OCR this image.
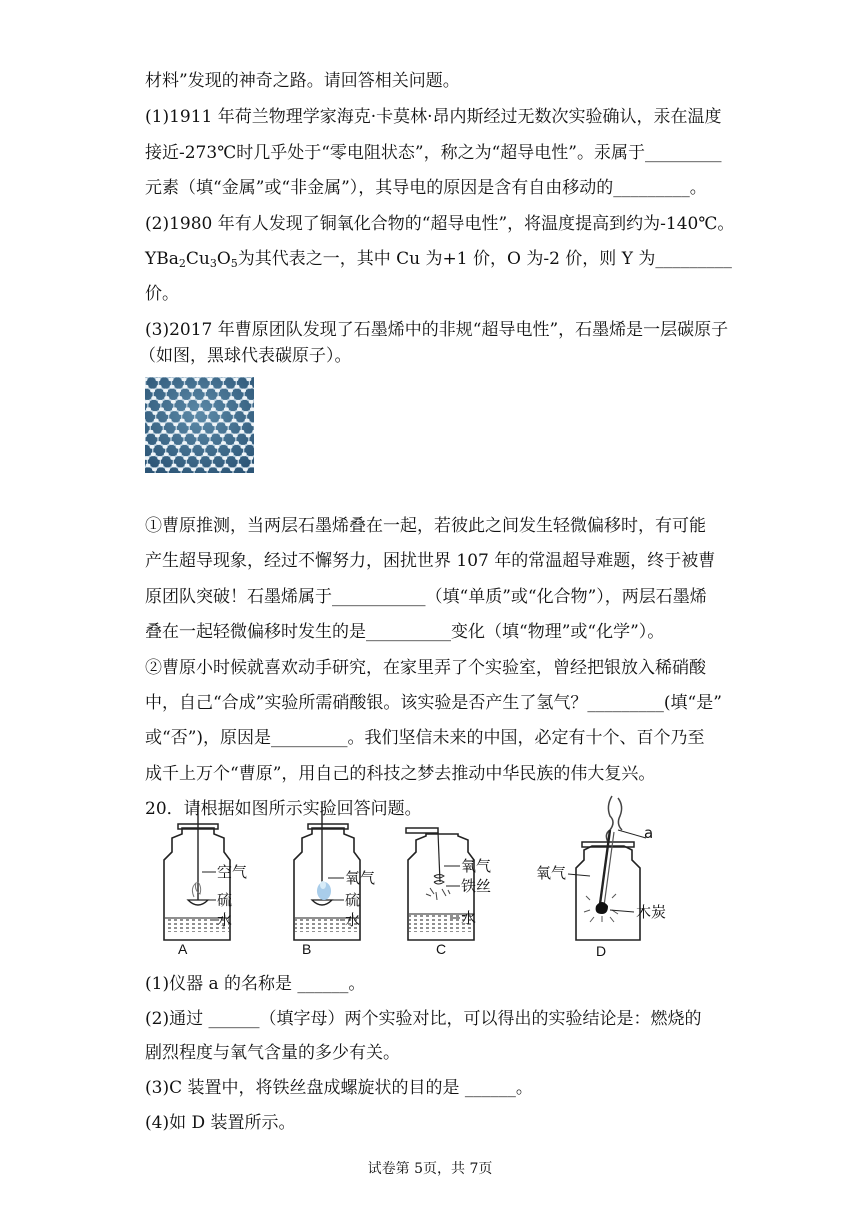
材料”发现的神奇之路。请回答相关问题。
(1)1911 年荷兰物理学家海克·卡莫林·昂内斯经过无数次实验确认，汞在温度
接近-273℃时几乎处于“零电阻状态”，称之为“超导电性”。汞属于_________
元素（填“金属”或“非金属”），其导电的原因是含有自由移动的_________。
(2)1980 年有人发现了铜氧化合物的“超导电性”，将温度提高到约为-140℃。
$YBa_2Cu_3O_5$为其代表之一，其中 Cu 为+1 价，O 为-2 价，则 Y 为_________
价。
(3)2017 年曹原团队发现了石墨烯中的非规“超导电性”，石墨烯是一层碳原子
（如图，黑球代表碳原子）。
①曹原推测，当两层石墨烯叠在一起，若彼此之间发生轻微偏移时，有可能
产生超导现象，经过不懈努力，困扰世界 107 年的常温超导难题，终于被曹
原团队突破！石墨烯属于___________（填“单质”或“化合物”），两层石墨烯
叠在一起轻微偏移时发生的是__________变化（填“物理”或“化学”）。
②曹原小时候就喜欢动手研究，在家里弄了个实验室，曾经把银放入稀硝酸
中，自己“合成”实验所需硝酸银。该实验是否产生了氢气？_________(填“是”
或“否”)，原因是_________。我们坚信未来的中国，必定有十个、百个乃至
成千上万个“曹原”，用自己的科技之梦去推动中华民族的伟大复兴。
20．请根据如图所示实验回答问题。
空气
硫
水
A
氧气
硫
水
B
氧气
铁丝
水
C
a
氧气
木炭
D
(1)仪器 a 的名称是 ______。
(2)通过 ______（填字母）两个实验对比，可以得出的实验结论是：燃烧的
剧烈程度与氧气含量的多少有关。
(3)C 装置中，将铁丝盘成螺旋状的目的是 ______。
(4)如 D 装置所示。
试卷第 5页，共 7页
